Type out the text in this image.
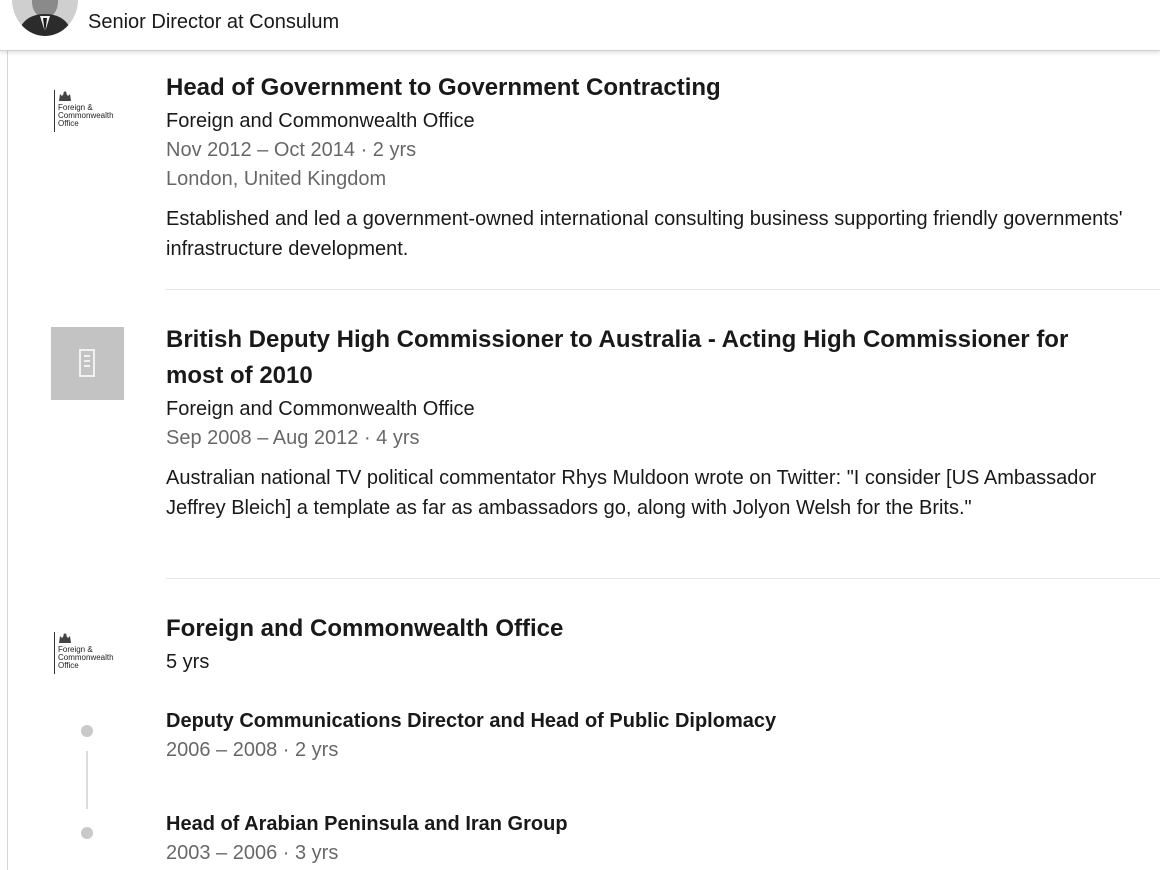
Senior Director at Consulum
Foreign &
Commonwealth
Office
Head of Government to Government Contracting
Foreign and Commonwealth Office
Nov 2012 – Oct 2014 · 2 yrs
London, United Kingdom
Established and led a government-owned international consulting business supporting friendly governments' infrastructure development.
British Deputy High Commissioner to Australia - Acting High Commissioner for most of 2010
Foreign and Commonwealth Office
Sep 2008 – Aug 2012 · 4 yrs
Australian national TV political commentator Rhys Muldoon wrote on Twitter: "I consider [US Ambassador Jeffrey Bleich] a template as far as ambassadors go, along with Jolyon Welsh for the Brits."
Foreign &
Commonwealth
Office
Foreign and Commonwealth Office
5 yrs
Deputy Communications Director and Head of Public Diplomacy
2006 – 2008 · 2 yrs
Head of Arabian Peninsula and Iran Group
2003 – 2006 · 3 yrs
